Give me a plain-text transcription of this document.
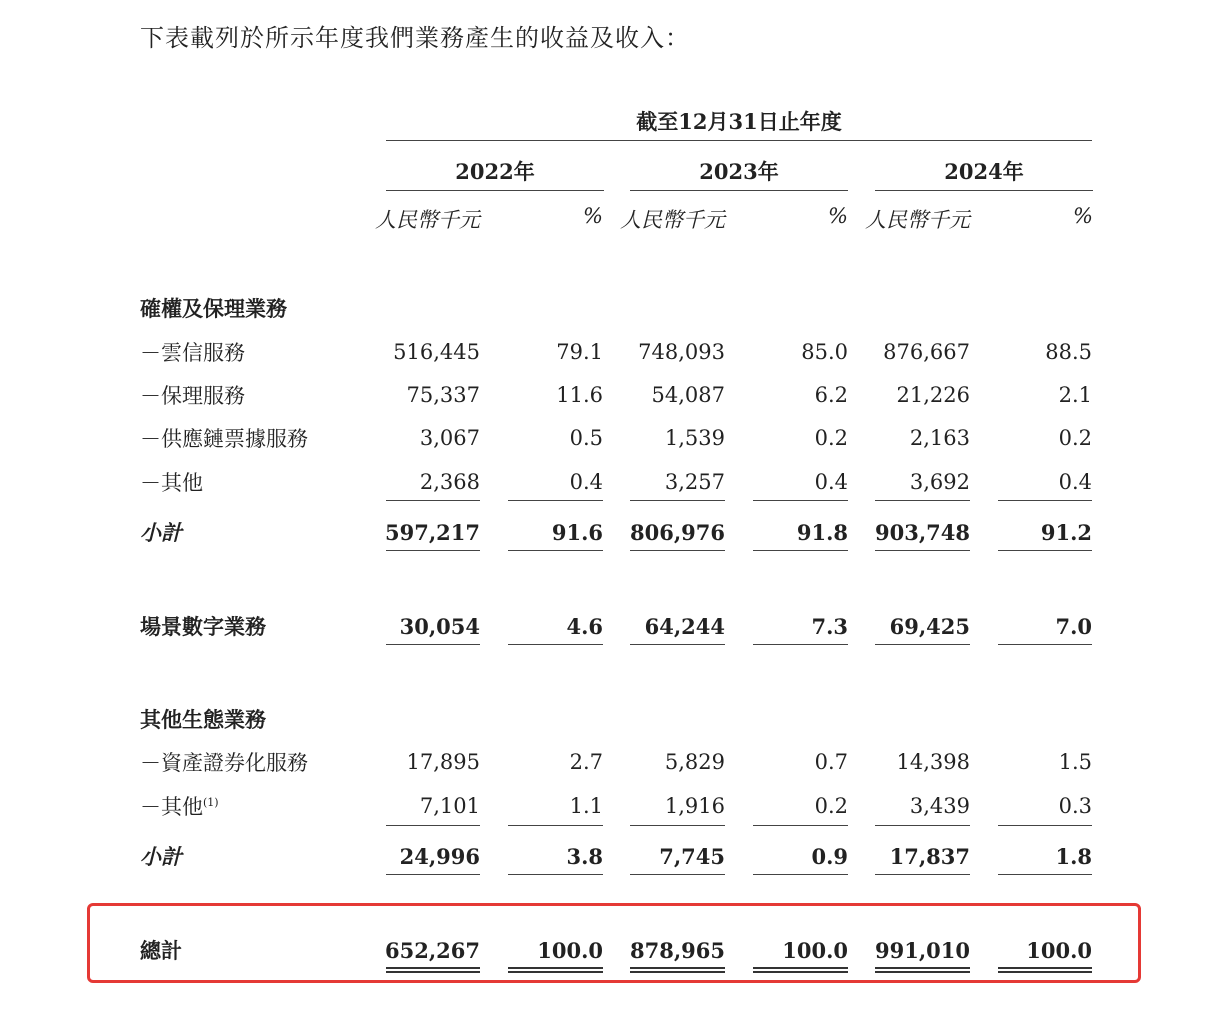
下表載列於所示年度我們業務產生的收益及收入：
截至12月31日止年度
2022年	2023年	2024年
人民幣千元	% 人民幣千元	% 人民幣千元	%
確權及保理業務
－雲信服務	516,445	79.1	748,093	85.0	876,667	88.5
－保理服務	75,337	11.6	54,087	6.2	21,226	2.1
－供應鏈票據服務	3,067	0.5	1,539	0.2	2,163	0.2
－其他	2,368	0.4	3,257	0.4	3,692	0.4
小計	597,217	91.6 806,976	91.8 903,748	91.2
場景數字業務	30,054	4.6	64,244	7.3	69,425	7.0
其他生態業務
－資產證券化服務	17,895	2.7	5,829	0.7	14,398	1.5
－其他$^{(1)}$	7,101	1.1	1,916	0.2	3,439	0.3
小計	24,996	3.8	7,745	0.9	17,837	1.8
總計	652,267	100.0 878,965	100.0 991,010	100.0
